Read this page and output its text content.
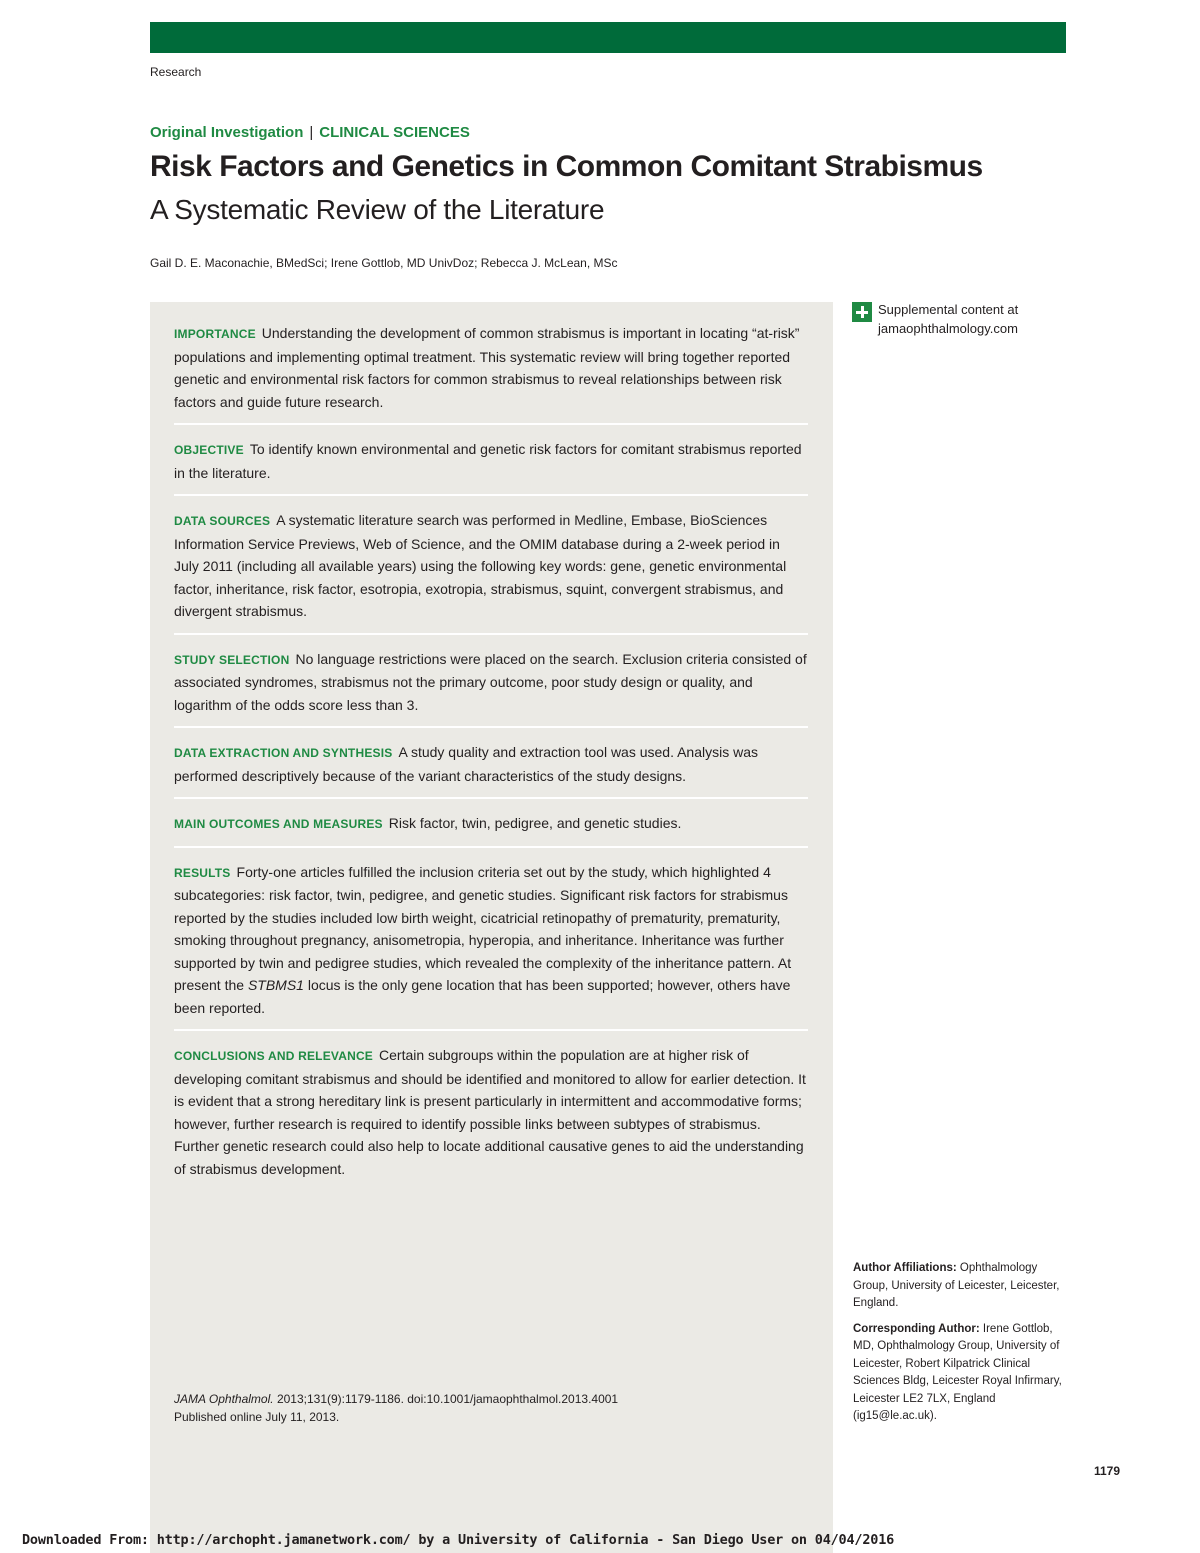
Research
Original Investigation | CLINICAL SCIENCES
Risk Factors and Genetics in Common Comitant Strabismus
A Systematic Review of the Literature
Gail D. E. Maconachie, BMedSci; Irene Gottlob, MD UnivDoz; Rebecca J. McLean, MSc
IMPORTANCE Understanding the development of common strabismus is important in locating “at-risk” populations and implementing optimal treatment. This systematic review will bring together reported genetic and environmental risk factors for common strabismus to reveal relationships between risk factors and guide future research.
OBJECTIVE To identify known environmental and genetic risk factors for comitant strabismus reported in the literature.
DATA SOURCES A systematic literature search was performed in Medline, Embase, BioSciences Information Service Previews, Web of Science, and the OMIM database during a 2-week period in July 2011 (including all available years) using the following key words: gene, genetic environmental factor, inheritance, risk factor, esotropia, exotropia, strabismus, squint, convergent strabismus, and divergent strabismus.
STUDY SELECTION No language restrictions were placed on the search. Exclusion criteria consisted of associated syndromes, strabismus not the primary outcome, poor study design or quality, and logarithm of the odds score less than 3.
DATA EXTRACTION AND SYNTHESIS A study quality and extraction tool was used. Analysis was performed descriptively because of the variant characteristics of the study designs.
MAIN OUTCOMES AND MEASURES Risk factor, twin, pedigree, and genetic studies.
RESULTS Forty-one articles fulfilled the inclusion criteria set out by the study, which highlighted 4 subcategories: risk factor, twin, pedigree, and genetic studies. Significant risk factors for strabismus reported by the studies included low birth weight, cicatricial retinopathy of prematurity, prematurity, smoking throughout pregnancy, anisometropia, hyperopia, and inheritance. Inheritance was further supported by twin and pedigree studies, which revealed the complexity of the inheritance pattern. At present the STBMS1 locus is the only gene location that has been supported; however, others have been reported.
CONCLUSIONS AND RELEVANCE Certain subgroups within the population are at higher risk of developing comitant strabismus and should be identified and monitored to allow for earlier detection. It is evident that a strong hereditary link is present particularly in intermittent and accommodative forms; however, further research is required to identify possible links between subtypes of strabismus. Further genetic research could also help to locate additional causative genes to aid the understanding of strabismus development.
JAMA Ophthalmol. 2013;131(9):1179-1186. doi:10.1001/jamaophthalmol.2013.4001
Published online July 11, 2013.
Supplemental content at
jamaophthalmology.com

Author Affiliations: Ophthalmology Group, University of Leicester, Leicester, England.

Corresponding Author: Irene Gottlob, MD, Ophthalmology Group, University of Leicester, Robert Kilpatrick Clinical Sciences Bldg, Leicester Royal Infirmary, Leicester LE2 7LX, England (ig15@le.ac.uk).

1179
Downloaded From: http://archopht.jamanetwork.com/ by a University of California - San Diego User on 04/04/2016
